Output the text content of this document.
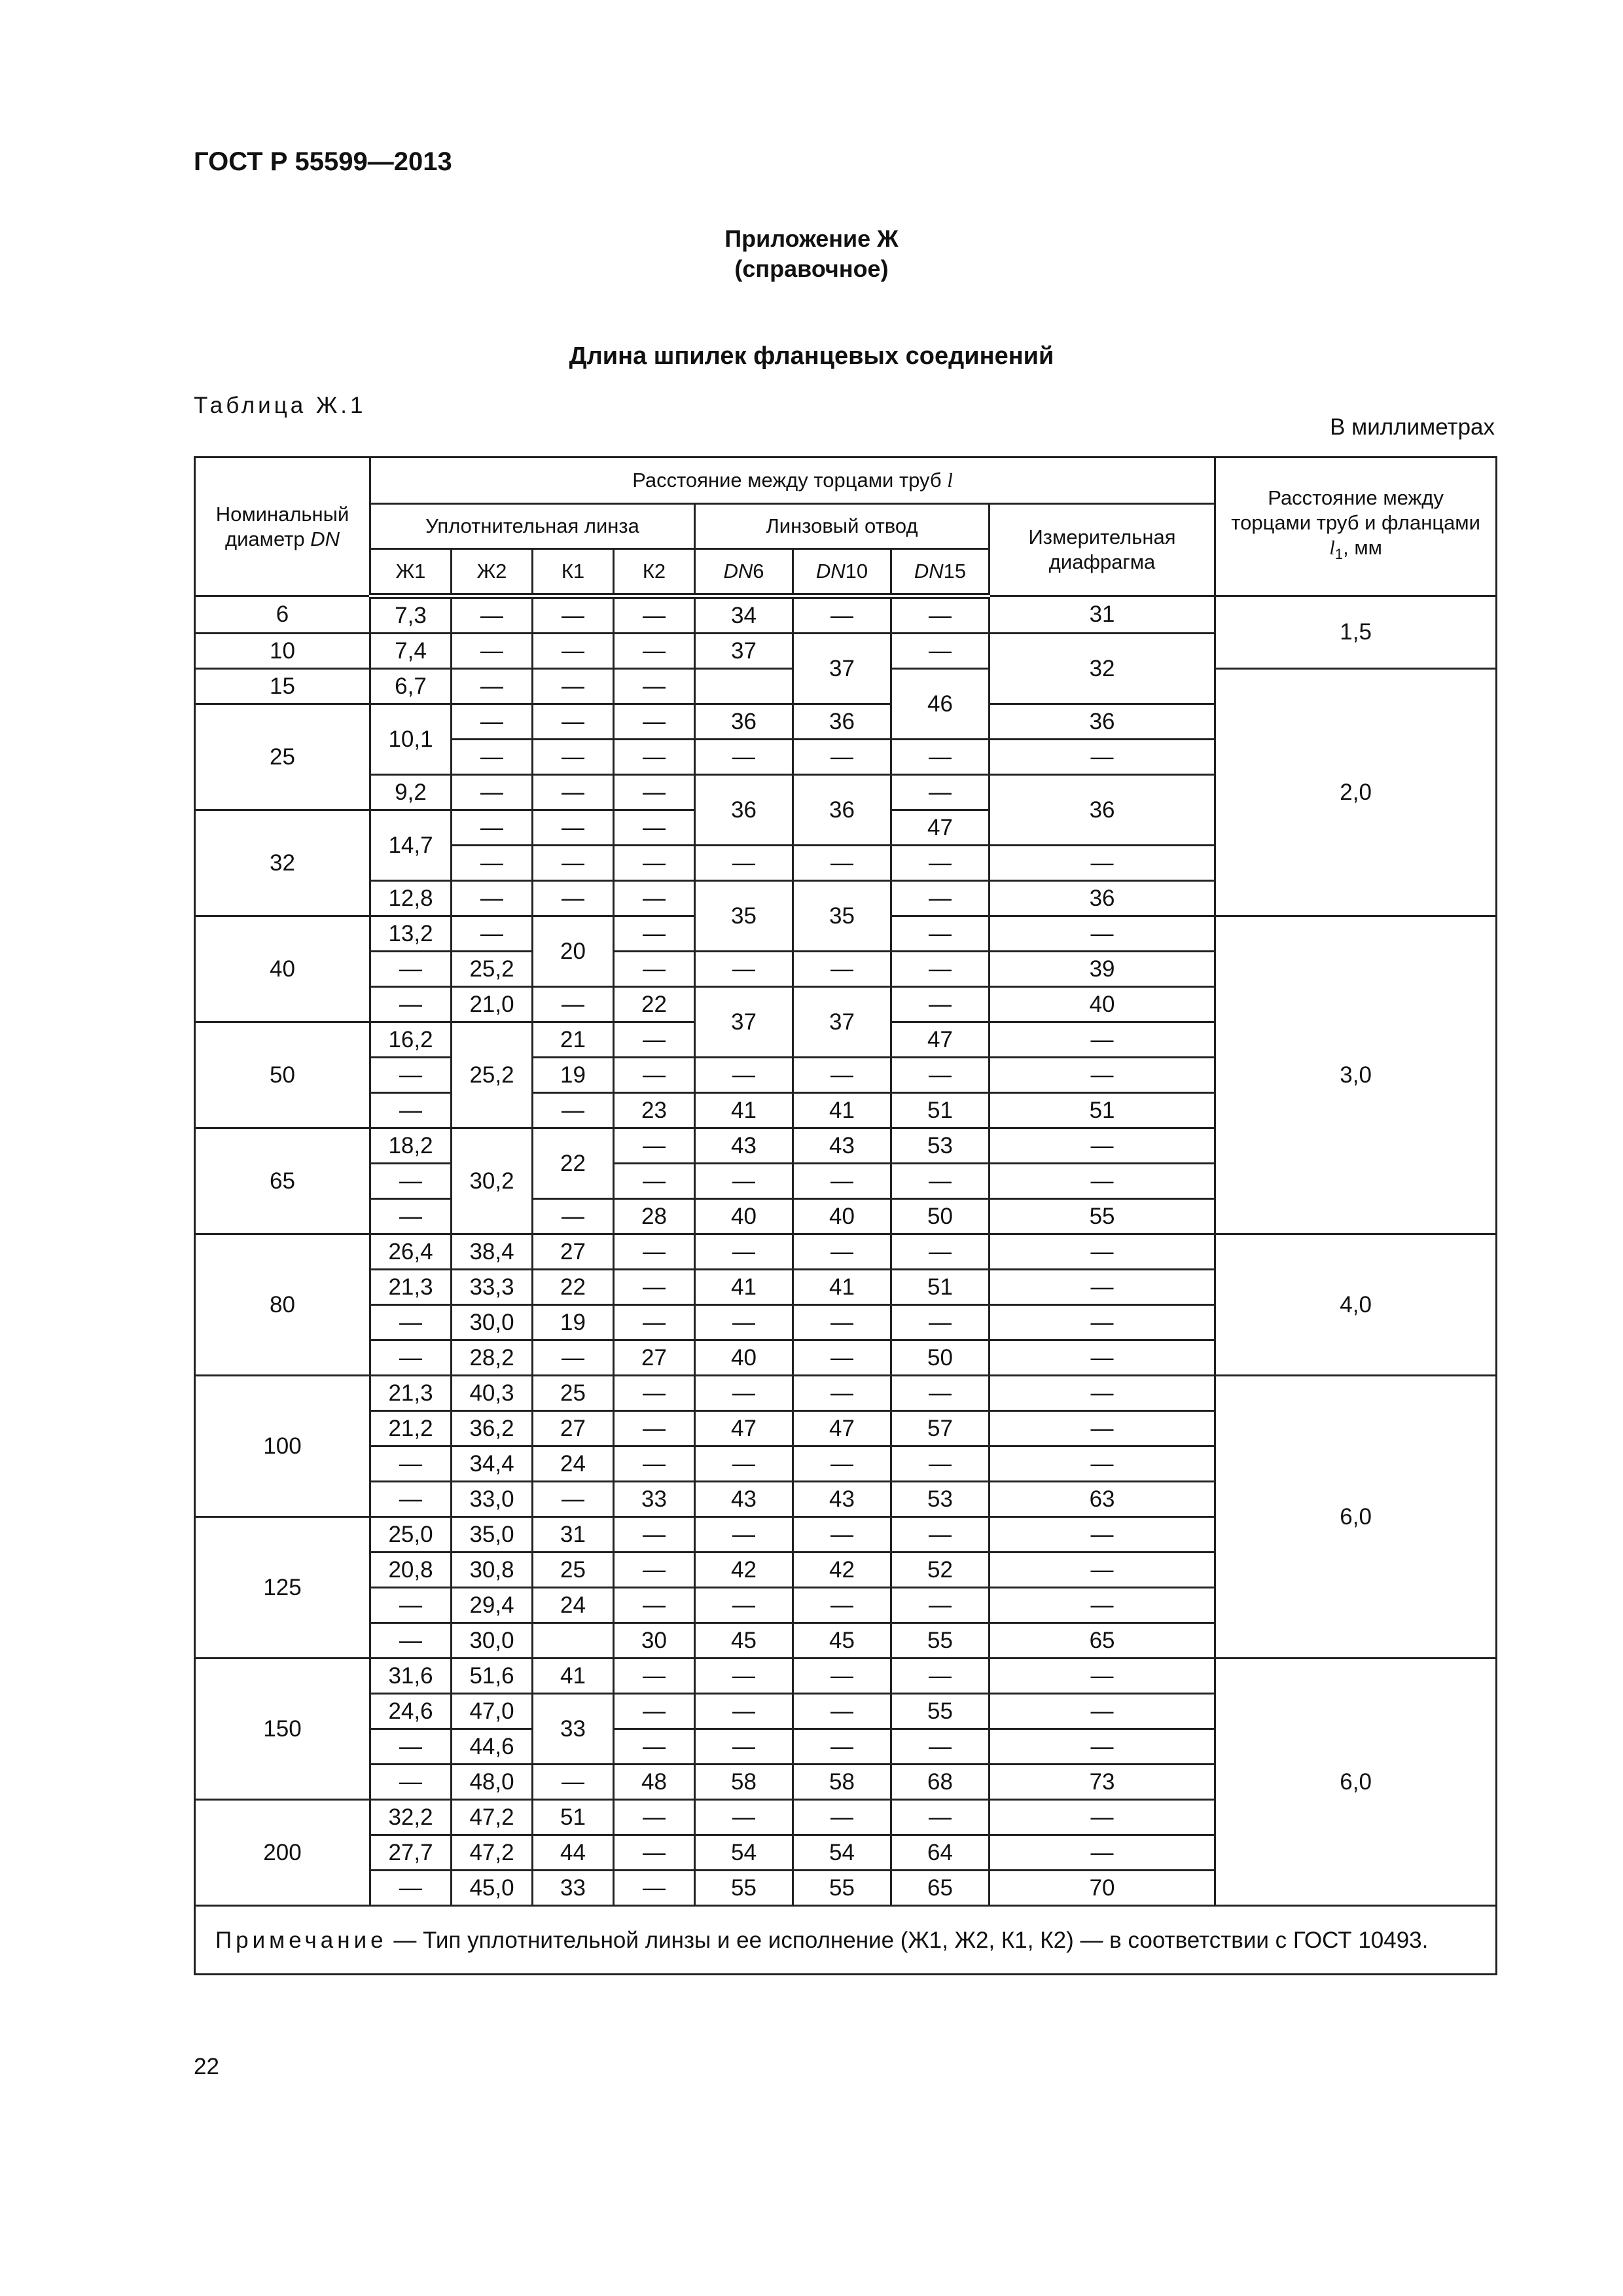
ГОСТ Р 55599—2013
Приложение Ж
(справочное)
Длина шпилек фланцевых соединений
Таблица Ж.1
В миллиметрах
Номинальный диаметр DN	Расстояние между торцами труб l								Расстояние между торцами труб и фланцами $l_1$, мм
	Уплотнительная линза				Линзовый отвод			Измерительная диафрагма	
	Ж1	Ж2	К1	К2	DN6	DN10	DN15		
6	7,3	—	—	—	34	—	—	31	1,5
10	7,4	—	—	—	37	37	—	32	
15	6,7	—	—	—			46		2,0
25	10,1	—	—	—	36	36		36	
		—	—	—	—	—	—	—	
	9,2	—	—	—	36	36	—	36	
32	14,7	—	—	—			47		
		—	—	—	—	—	—	—	
	12,8	—	—	—	35	35	—	36	
40	13,2	—	20	—			—	—	3,0
	—	25,2		—	—	—	—	39	
	—	21,0	—	22	37	37	—	40	
50	16,2	25,2	21	—			47	—	
	—		19	—	—	—	—	—	
	—		—	23	41	41	51	51	
65	18,2	30,2	22	—	43	43	53	—	
	—			—	—	—	—	—	
	—		—	28	40	40	50	55	
80	26,4	38,4	27	—	—	—	—	—	4,0
	21,3	33,3	22	—	41	41	51	—	
	—	30,0	19	—	—	—	—	—	
	—	28,2	—	27	40	—	50	—	
100	21,3	40,3	25	—	—	—	—	—	6,0
	21,2	36,2	27	—	47	47	57	—	
	—	34,4	24	—	—	—	—	—	
	—	33,0	—	33	43	43	53	63	
125	25,0	35,0	31	—	—	—	—	—	
	20,8	30,8	25	—	42	42	52	—	
	—	29,4	24	—	—	—	—	—	
	—	30,0		30	45	45	55	65	
150	31,6	51,6	41	—	—	—	—	—	6,0
	24,6	47,0	33	—	—	—	55	—	
	—	44,6		—	—	—	—	—	
	—	48,0	—	48	58	58	68	73	
200	32,2	47,2	51	—	—	—	—	—	
	27,7	47,2	44	—	54	54	64	—	
	—	45,0	33	—	55	55	65	70	
Примечание — Тип уплотнительной линзы и ее исполнение (Ж1, Ж2, К1, К2) — в соответствии с ГОСТ 10493.									
22
